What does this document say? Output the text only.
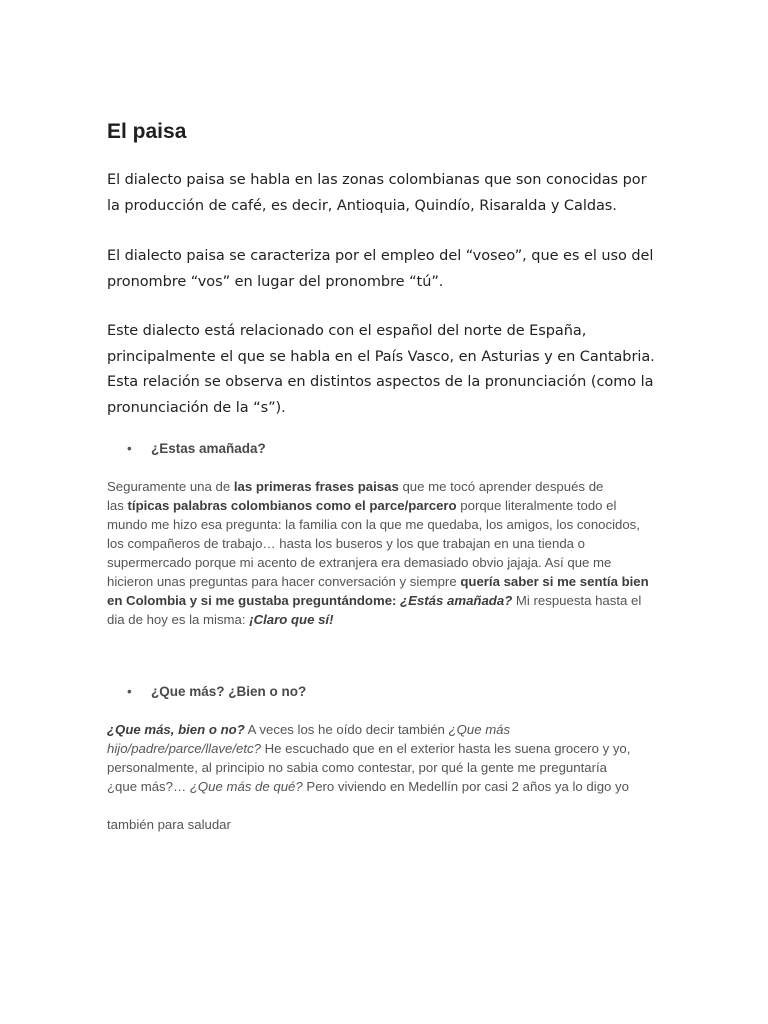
El paisa

El dialecto paisa se habla en las zonas colombianas que son conocidas por
la producción de café, es decir, Antioquia, Quindío, Risaralda y Caldas.

El dialecto paisa se caracteriza por el empleo del “voseo”, que es el uso del
pronombre “vos” en lugar del pronombre “tú”.

Este dialecto está relacionado con el español del norte de España,
principalmente el que se habla en el País Vasco, en Asturias y en Cantabria.
Esta relación se observa en distintos aspectos de la pronunciación (como la
pronunciación de la “s”).

• ¿Estas amañada?

Seguramente una de las primeras frases paisas que me tocó aprender después de
las típicas palabras colombianos como el parce/parcero porque literalmente todo el
mundo me hizo esa pregunta: la familia con la que me quedaba, los amigos, los conocidos,
los compañeros de trabajo… hasta los buseros y los que trabajan en una tienda o
supermercado porque mi acento de extranjera era demasiado obvio jajaja. Así que me
hicieron unas preguntas para hacer conversación y siempre quería saber si me sentía bien
en Colombia y si me gustaba preguntándome: ¿Estás amañada? Mi respuesta hasta el
dia de hoy es la misma: ¡Claro que sí!

• ¿Que más? ¿Bien o no?

¿Que más, bien o no? A veces los he oído decir también ¿Que más
hijo/padre/parce/llave/etc? He escuchado que en el exterior hasta les suena grocero y yo,
personalmente, al principio no sabia como contestar, por qué la gente me preguntaría
¿que más?… ¿Que más de qué? Pero viviendo en Medellín por casi 2 años ya lo digo yo

también para saludar
